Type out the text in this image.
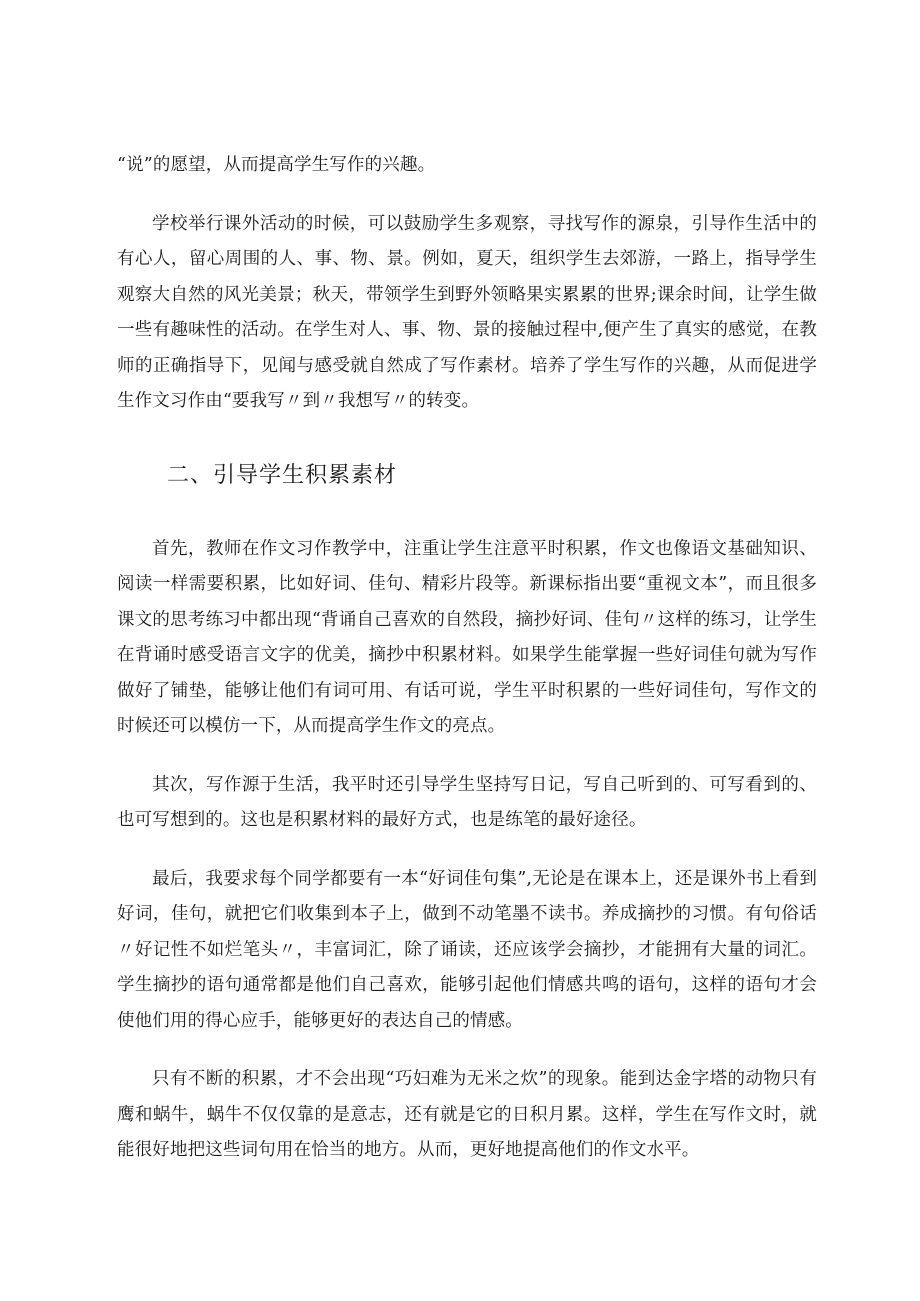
“说”的愿望，从而提高学生写作的兴趣。

学校举行课外活动的时候，可以鼓励学生多观察，寻找写作的源泉，引导作生活中的有心人，留心周围的人、事、物、景。例如，夏天，组织学生去郊游，一路上，指导学生观察大自然的风光美景；秋天，带领学生到野外领略果实累累的世界;课余时间，让学生做一些有趣味性的活动。在学生对人、事、物、景的接触过程中,便产生了真实的感觉，在教师的正确指导下，见闻与感受就自然成了写作素材。培养了学生写作的兴趣，从而促进学生作文习作由“要我写〃到〃我想写〃的转变。

二、引导学生积累素材

首先，教师在作文习作教学中，注重让学生注意平时积累，作文也像语文基础知识、阅读一样需要积累，比如好词、佳句、精彩片段等。新课标指出要“重视文本”，而且很多课文的思考练习中都出现“背诵自己喜欢的自然段，摘抄好词、佳句〃这样的练习，让学生在背诵时感受语言文字的优美，摘抄中积累材料。如果学生能掌握一些好词佳句就为写作做好了铺垫，能够让他们有词可用、有话可说，学生平时积累的一些好词佳句，写作文的时候还可以模仿一下，从而提高学生作文的亮点。

其次，写作源于生活，我平时还引导学生坚持写日记，写自己听到的、可写看到的、也可写想到的。这也是积累材料的最好方式，也是练笔的最好途径。

最后，我要求每个同学都要有一本“好词佳句集”,无论是在课本上，还是课外书上看到好词，佳句，就把它们收集到本子上，做到不动笔墨不读书。养成摘抄的习惯。有句俗话〃好记性不如烂笔头〃，丰富词汇，除了诵读，还应该学会摘抄，才能拥有大量的词汇。学生摘抄的语句通常都是他们自己喜欢，能够引起他们情感共鸣的语句，这样的语句才会使他们用的得心应手，能够更好的表达自己的情感。

只有不断的积累，才不会出现“巧妇难为无米之炊”的现象。能到达金字塔的动物只有鹰和蜗牛，蜗牛不仅仅靠的是意志，还有就是它的日积月累。这样，学生在写作文时，就能很好地把这些词句用在恰当的地方。从而，更好地提高他们的作文水平。
